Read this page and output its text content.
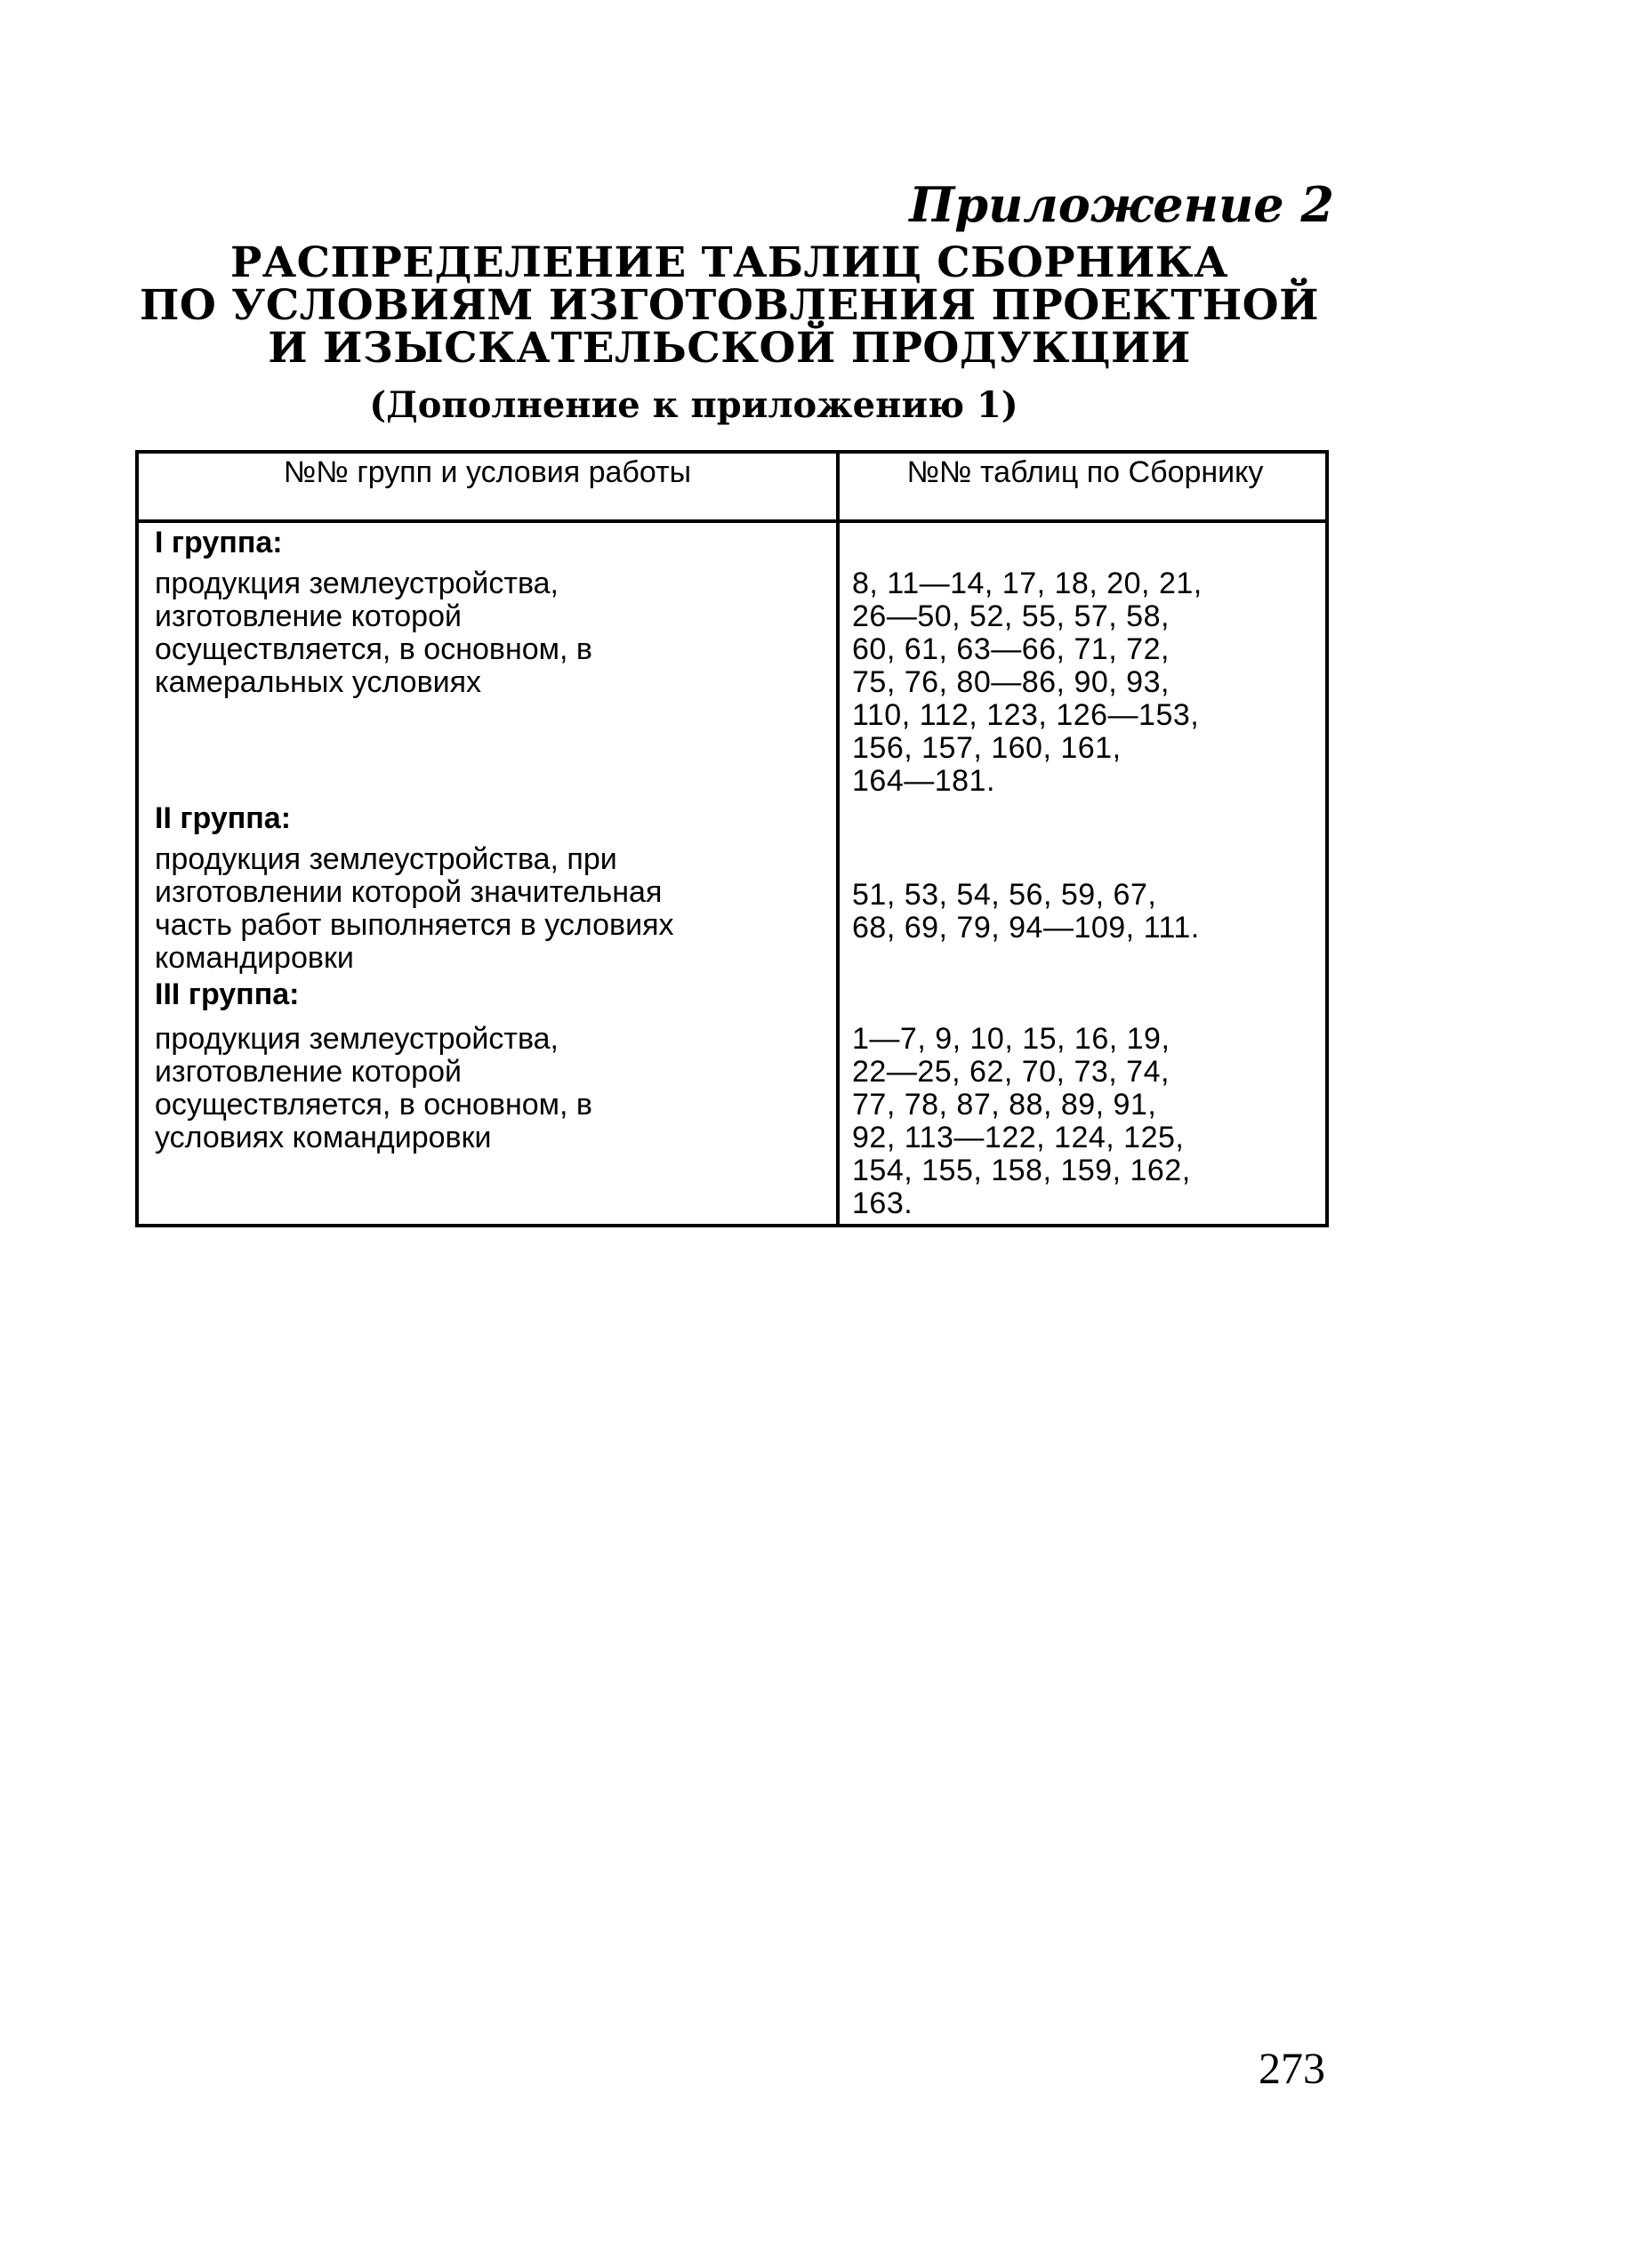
Приложение 2
РАСПРЕДЕЛЕНИЕ ТАБЛИЦ СБОРНИКА
ПО УСЛОВИЯМ ИЗГОТОВЛЕНИЯ ПРОЕКТНОЙ
И ИЗЫСКАТЕЛЬСКОЙ ПРОДУКЦИИ
(Дополнение к приложению 1)
№№ групп и условия работы	№№ таблиц по Сборнику
I группа:
продукция землеустройства,
изготовление которой
осуществляется, в основном, в
камеральных условиях
8, 11—14, 17, 18, 20, 21,
26—50, 52, 55, 57, 58,
60, 61, 63—66, 71, 72,
75, 76, 80—86, 90, 93,
110, 112, 123, 126—153,
156, 157, 160, 161,
164—181.
II группа:
продукция землеустройства, при
изготовлении которой значительная
часть работ выполняется в условиях
командировки
51, 53, 54, 56, 59, 67,
68, 69, 79, 94—109, 111.
III группа:
продукция землеустройства,
изготовление которой
осуществляется, в основном, в
условиях командировки
1—7, 9, 10, 15, 16, 19,
22—25, 62, 70, 73, 74,
77, 78, 87, 88, 89, 91,
92, 113—122, 124, 125,
154, 155, 158, 159, 162,
163.
273
